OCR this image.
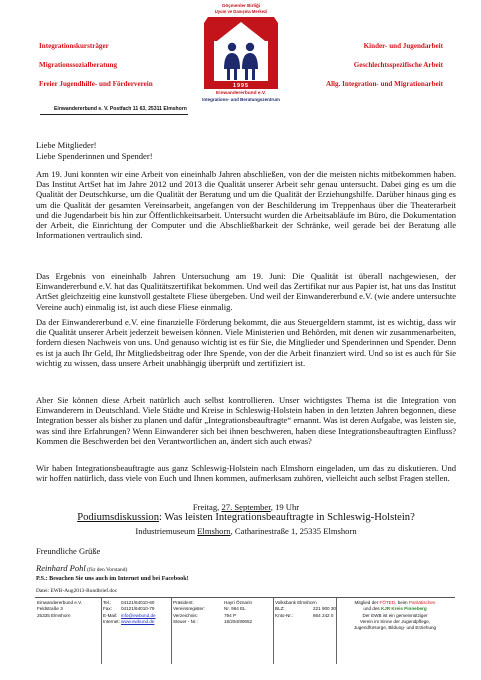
Integrationskursträger
Migrationssozialberatung
Freier Jugendhilfe- und Förderverein
Kinder- und Jugendarbeit
Geschlechtsspezifische Arbeit
Allg. Integration- und Migrationarbeit
Göçmenler Birliği
Uyum ve Danışma Merkezi
1995
Einwandererbund e.V.
Integrations- und Beratungszentrum
Einwandererbund e. V. Postfach 11 63, 25311 Elmshorn
Liebe Mitglieder!
Liebe Spenderinnen und Spender!
Am 19. Juni konnten wir eine Arbeit von eineinhalb Jahren abschließen, von der die meisten nichts mitbekommen haben. Das Institut ArtSet hat im Jahre 2012 und 2013 die Qualität unserer Arbeit sehr genau untersucht. Dabei ging es um die Qualität der Deutschkurse, um die Qualität der Beratung und um die Qualität der Erziehungshilfe. Darüber hinaus ging es um die Qualität der gesamten Vereinsarbeit, angefangen von der Beschilderung im Treppenhaus über die Theaterarbeit und die Jugendarbeit bis hin zur Öffentlichkeitsarbeit. Untersucht wurden die Arbeitsabläufe im Büro, die Dokumentation der Arbeit, die Einrichtung der Computer und die Abschließbarkeit der Schränke, weil gerade bei der Beratung alle Informationen vertraulich sind.
Das Ergebnis von eineinhalb Jahren Untersuchung am 19. Juni: Die Qualität ist überall nachgewiesen, der Einwandererbund e.V. hat das Qualitätszertifikat bekommen. Und weil das Zertifikat nur aus Papier ist, hat uns das Institut ArtSet gleichzeitig eine kunstvoll gestaltete Fliese übergeben. Und weil der Einwandererbund e.V. (wie andere untersuchte Vereine auch) einmalig ist, ist auch diese Fliese einmalig.
Da der Einwandererbund e.V. eine finanzielle Förderung bekommt, die aus Steuergeldern stammt, ist es wichtig, dass wir die Qualität unserer Arbeit jederzeit beweisen können. Viele Ministerien und Behörden, mit denen wir zusammenarbeiten, fordern diesen Nachweis von uns. Und genauso wichtig ist es für Sie, die Mitglieder und Spenderinnen und Spender. Denn es ist ja auch Ihr Geld, Ihr Mitgliedsbeitrag oder Ihre Spende, von der die Arbeit finanziert wird. Und so ist es auch für Sie wichtig zu wissen, dass unsere Arbeit unabhängig überprüft und zertifiziert ist.
Aber Sie können diese Arbeit natürlich auch selbst kontrollieren. Unser wichtigstes Thema ist die Integration von Einwanderern in Deutschland. Viele Städte und Kreise in Schleswig-Holstein haben in den letzten Jahren begonnen, diese Integration besser als bisher zu planen und dafür „Integrationsbeauftragte“ ernannt. Was ist deren Aufgabe, was leisten sie, was sind ihre Erfahrungen? Wenn Einwanderer sich bei ihnen beschweren, haben diese Integrationsbeauftragten Einfluss? Kommen die Beschwerden bei den Verantwortlichen an, ändert sich auch etwas?
Wir haben Integrationsbeauftragte aus ganz Schleswig-Holstein nach Elmshorn eingeladen, um das zu diskutieren. Und wir hoffen natürlich, dass viele von Euch und Ihnen kommen, aufmerksam zuhören, vielleicht auch selbst Fragen stellen.
Freitag, 27. September, 19 Uhr
Podiumsdiskussion: Was leisten Integrationsbeauftragte in Schleswig-Holstein?
Industriemuseum Elmshorn, Catharinestraße 1, 25335 Elmshorn
Freundliche Grüße
Reinhard Pohl (für den Vorstand)
P.S.: Besuchen Sie uns auch im Internet und bei Facebook!
Datei: EWB-Aug2013-Rundbrief.doc
Einwandererbund e.V.
Feldstraße 3
25335 Elmshorn
Tel.:
Fax:
E-Mail:
Internet:
04121/64010-60
04121/64010-79
info@ewbund.de
www.ewbund.de
Präsident:
Vereinsregister:
Verzeichnis:
Steuer - Nr.:
Hayri Öznarin
Nr. 964 EL
794 P
18/294/80652
Volksbank Elmshorn
BLZ:
Knto-Nr.:

221 900 30
864 242 0
Mitglied der FÖTED, beim Paritätischen
und des KJR Kreis Pinneberg
Der EWB ist ein gemeinnütziger
Verein im Sinne der Jugendpflege,
Jugendfürsorge, Bildung- und Erziehung
